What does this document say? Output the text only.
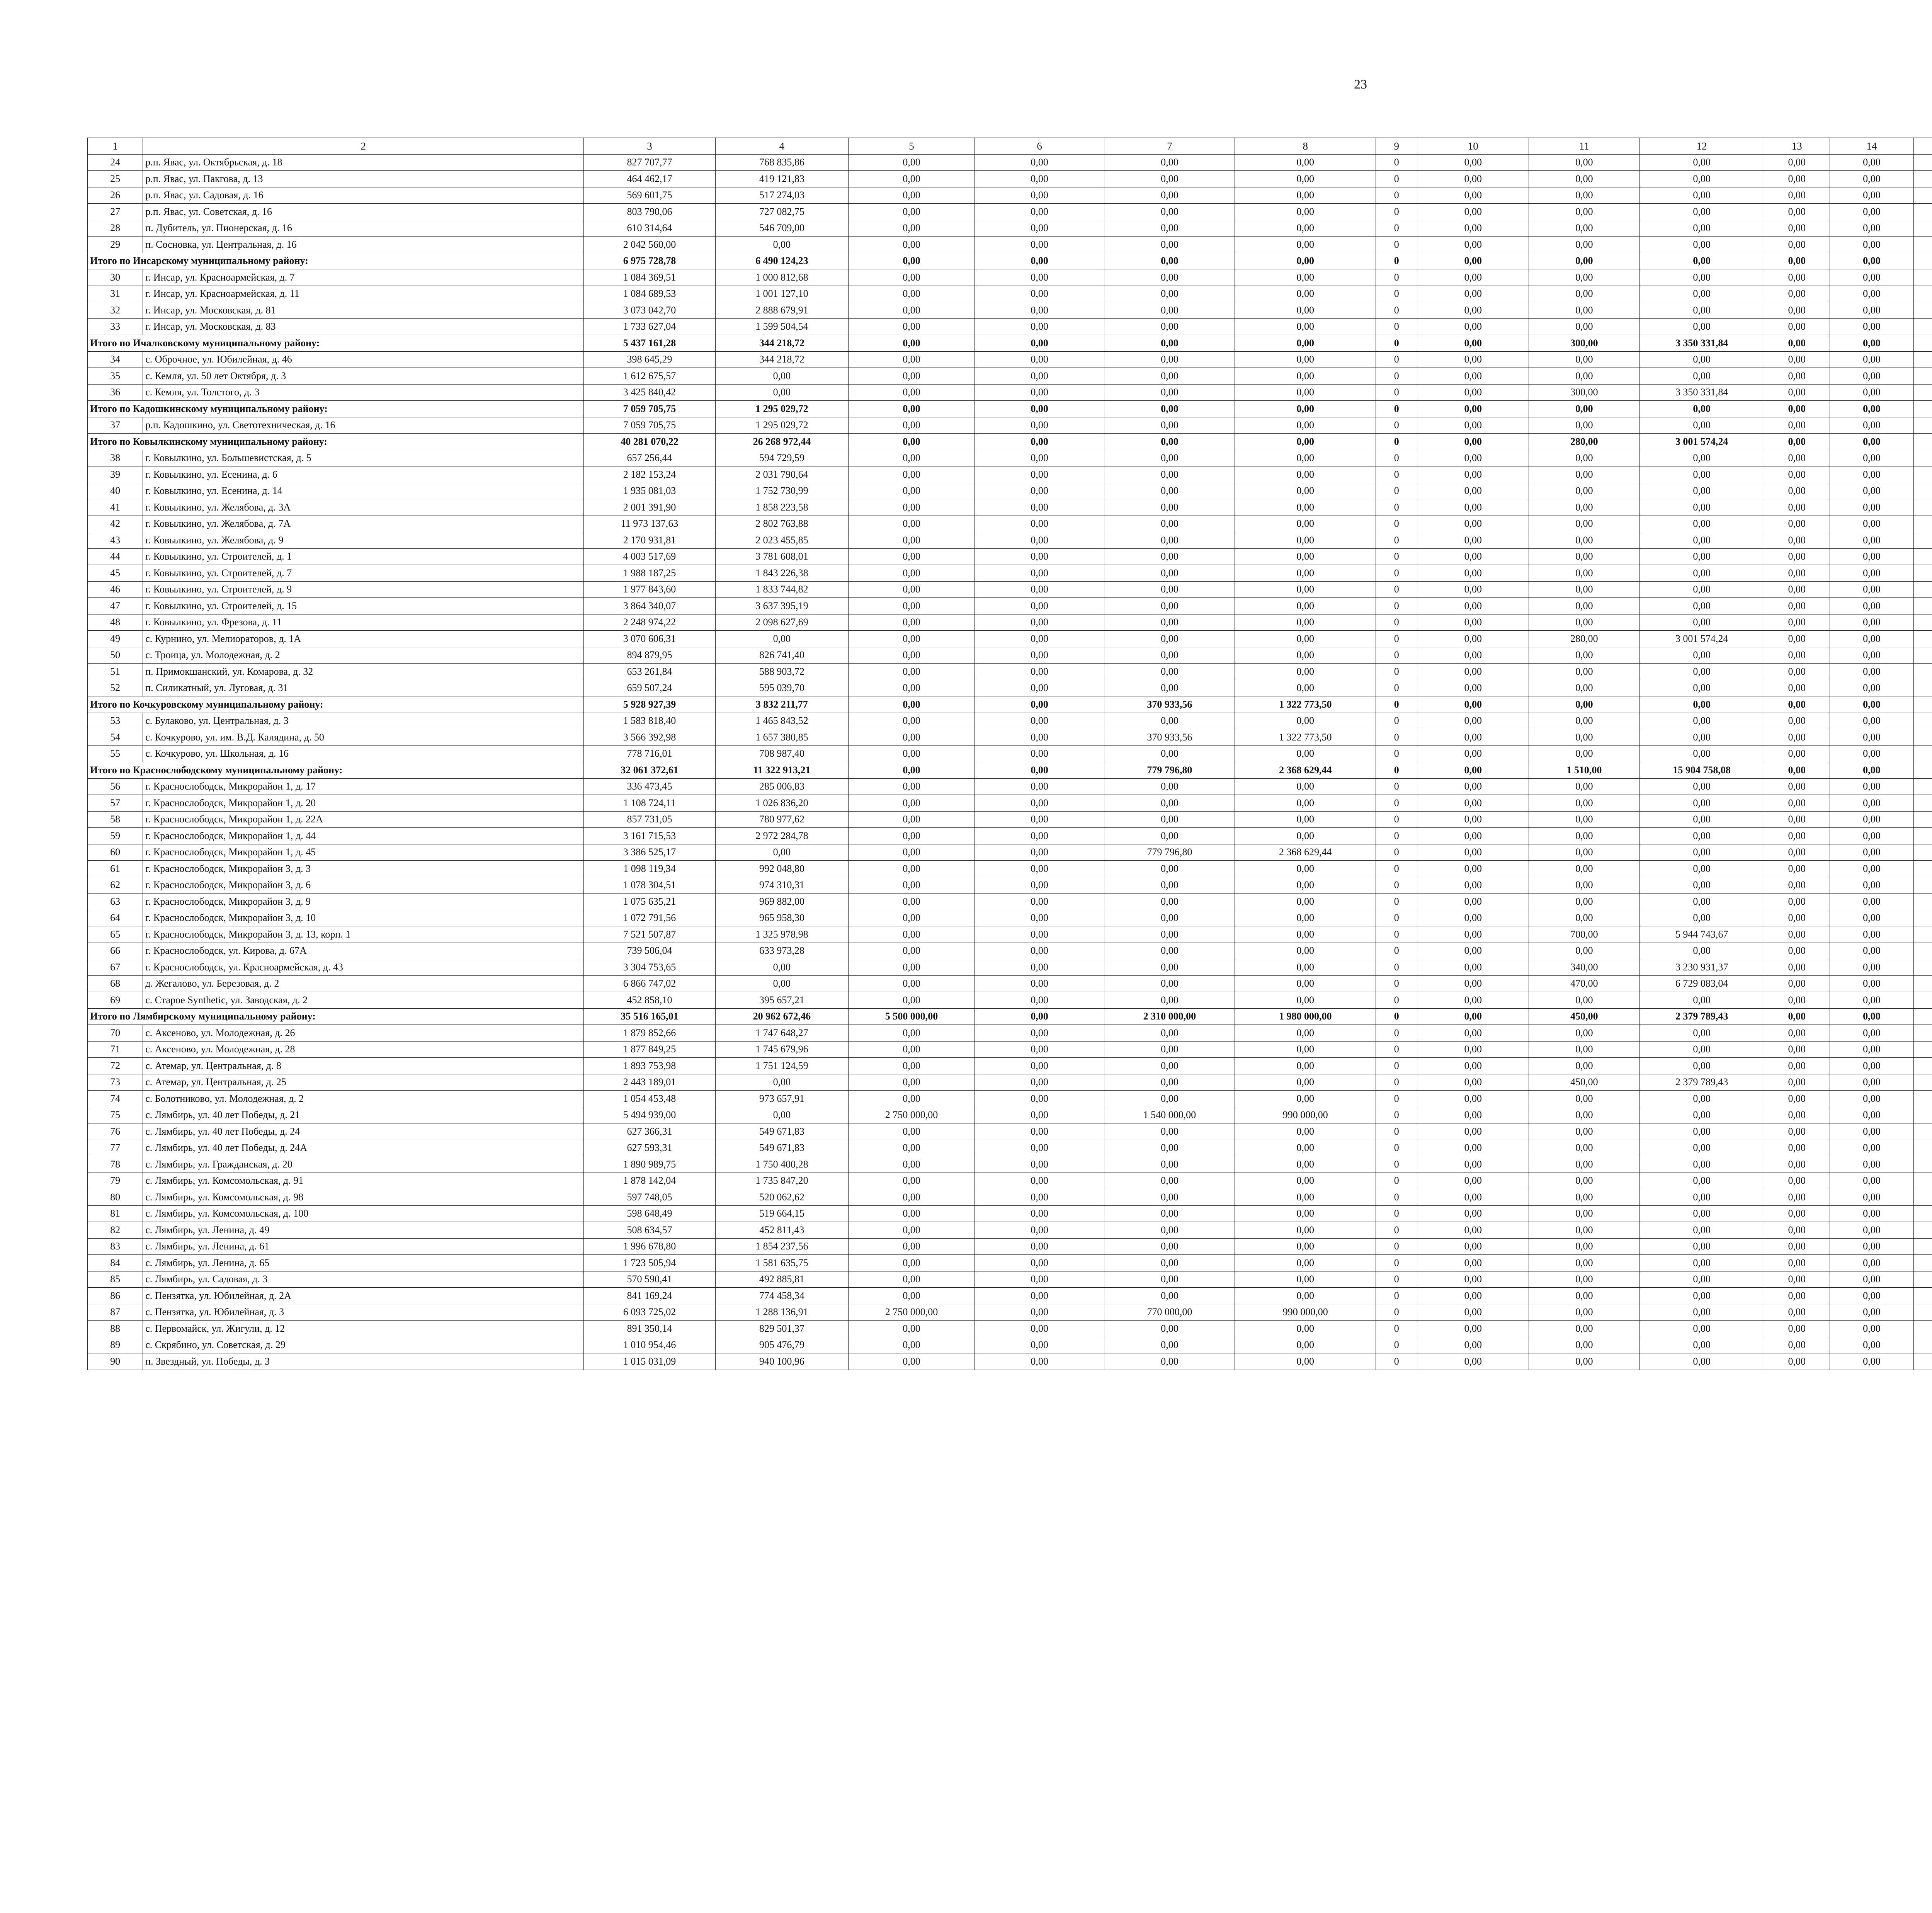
23
1	2	3	4	5	6	7	8	9	10	11	12	13	14							
24	р.п. Явас, ул. Октябрьская, д. 18	827 707,77	768 835,86	0,00	0,00	0,00	0,00	0	0,00	0,00	0,00	0,00	0,00							
25	р.п. Явас, ул. Пакгова, д. 13	464 462,17	419 121,83	0,00	0,00	0,00	0,00	0	0,00	0,00	0,00	0,00	0,00							
26	р.п. Явас, ул. Садовая, д. 16	569 601,75	517 274,03	0,00	0,00	0,00	0,00	0	0,00	0,00	0,00	0,00	0,00							
27	р.п. Явас, ул. Советская, д. 16	803 790,06	727 082,75	0,00	0,00	0,00	0,00	0	0,00	0,00	0,00	0,00	0,00							
28	п. Дубитель, ул. Пионерская, д. 16	610 314,64	546 709,00	0,00	0,00	0,00	0,00	0	0,00	0,00	0,00	0,00	0,00							
29	п. Сосновка, ул. Центральная, д. 16	2 042 560,00	0,00	0,00	0,00	0,00	0,00	0	0,00	0,00	0,00	0,00	0,00							
Итого по Инсарскому муниципальному району:		6 975 728,78	6 490 124,23	0,00	0,00	0,00	0,00	0	0,00	0,00	0,00	0,00	0,00							
30	г. Инсар, ул. Красноармейская, д. 7	1 084 369,51	1 000 812,68	0,00	0,00	0,00	0,00	0	0,00	0,00	0,00	0,00	0,00							
31	г. Инсар, ул. Красноармейская, д. 11	1 084 689,53	1 001 127,10	0,00	0,00	0,00	0,00	0	0,00	0,00	0,00	0,00	0,00							
32	г. Инсар, ул. Московская, д. 81	3 073 042,70	2 888 679,91	0,00	0,00	0,00	0,00	0	0,00	0,00	0,00	0,00	0,00							
33	г. Инсар, ул. Московская, д. 83	1 733 627,04	1 599 504,54	0,00	0,00	0,00	0,00	0	0,00	0,00	0,00	0,00	0,00							
Итого по Ичалковскому муниципальному району:		5 437 161,28	344 218,72	0,00	0,00	0,00	0,00	0	0,00	300,00	3 350 331,84	0,00	0,00							
34	с. Оброчное, ул. Юбилейная, д. 46	398 645,29	344 218,72	0,00	0,00	0,00	0,00	0	0,00	0,00	0,00	0,00	0,00							
35	с. Кемля, ул. 50 лет Октября, д. 3	1 612 675,57	0,00	0,00	0,00	0,00	0,00	0	0,00	0,00	0,00	0,00	0,00							
36	с. Кемля, ул. Толстого, д. 3	3 425 840,42	0,00	0,00	0,00	0,00	0,00	0	0,00	300,00	3 350 331,84	0,00	0,00							
Итого по Кадошкинскому муниципальному району:		7 059 705,75	1 295 029,72	0,00	0,00	0,00	0,00	0	0,00	0,00	0,00	0,00	0,00							
37	р.п. Кадошкино, ул. Светотехническая, д. 16	7 059 705,75	1 295 029,72	0,00	0,00	0,00	0,00	0	0,00	0,00	0,00	0,00	0,00							
Итого по Ковылкинскому муниципальному району:		40 281 070,22	26 268 972,44	0,00	0,00	0,00	0,00	0	0,00	280,00	3 001 574,24	0,00	0,00							
38	г. Ковылкино, ул. Большевистская, д. 5	657 256,44	594 729,59	0,00	0,00	0,00	0,00	0	0,00	0,00	0,00	0,00	0,00							
39	г. Ковылкино, ул. Есенина, д. 6	2 182 153,24	2 031 790,64	0,00	0,00	0,00	0,00	0	0,00	0,00	0,00	0,00	0,00							
40	г. Ковылкино, ул. Есенина, д. 14	1 935 081,03	1 752 730,99	0,00	0,00	0,00	0,00	0	0,00	0,00	0,00	0,00	0,00							
41	г. Ковылкино, ул. Желябова, д. 3А	2 001 391,90	1 858 223,58	0,00	0,00	0,00	0,00	0	0,00	0,00	0,00	0,00	0,00							
42	г. Ковылкино, ул. Желябова, д. 7А	11 973 137,63	2 802 763,88	0,00	0,00	0,00	0,00	0	0,00	0,00	0,00	0,00	0,00							
43	г. Ковылкино, ул. Желябова, д. 9	2 170 931,81	2 023 455,85	0,00	0,00	0,00	0,00	0	0,00	0,00	0,00	0,00	0,00							
44	г. Ковылкино, ул. Строителей, д. 1	4 003 517,69	3 781 608,01	0,00	0,00	0,00	0,00	0	0,00	0,00	0,00	0,00	0,00							
45	г. Ковылкино, ул. Строителей, д. 7	1 988 187,25	1 843 226,38	0,00	0,00	0,00	0,00	0	0,00	0,00	0,00	0,00	0,00							
46	г. Ковылкино, ул. Строителей, д. 9	1 977 843,60	1 833 744,82	0,00	0,00	0,00	0,00	0	0,00	0,00	0,00	0,00	0,00							
47	г. Ковылкино, ул. Строителей, д. 15	3 864 340,07	3 637 395,19	0,00	0,00	0,00	0,00	0	0,00	0,00	0,00	0,00	0,00							
48	г. Ковылкино, ул. Фрезова, д. 11	2 248 974,22	2 098 627,69	0,00	0,00	0,00	0,00	0	0,00	0,00	0,00	0,00	0,00							
49	с. Курнино, ул. Мелиораторов, д. 1А	3 070 606,31	0,00	0,00	0,00	0,00	0,00	0	0,00	280,00	3 001 574,24	0,00	0,00							
50	с. Троица, ул. Молодежная, д. 2	894 879,95	826 741,40	0,00	0,00	0,00	0,00	0	0,00	0,00	0,00	0,00	0,00							
51	п. Примокшанский, ул. Комарова, д. 32	653 261,84	588 903,72	0,00	0,00	0,00	0,00	0	0,00	0,00	0,00	0,00	0,00							
52	п. Силикатный, ул. Луговая, д. 31	659 507,24	595 039,70	0,00	0,00	0,00	0,00	0	0,00	0,00	0,00	0,00	0,00							
Итого по Кочкуровскому муниципальному району:		5 928 927,39	3 832 211,77	0,00	0,00	370 933,56	1 322 773,50	0	0,00	0,00	0,00	0,00	0,00							
53	с. Булаково, ул. Центральная, д. 3	1 583 818,40	1 465 843,52	0,00	0,00	0,00	0,00	0	0,00	0,00	0,00	0,00	0,00							
54	с. Кочкурово, ул. им. В.Д. Калядина, д. 50	3 566 392,98	1 657 380,85	0,00	0,00	370 933,56	1 322 773,50	0	0,00	0,00	0,00	0,00	0,00							
55	с. Кочкурово, ул. Школьная, д. 16	778 716,01	708 987,40	0,00	0,00	0,00	0,00	0	0,00	0,00	0,00	0,00	0,00							
Итого по Краснослободскому муниципальному району:		32 061 372,61	11 322 913,21	0,00	0,00	779 796,80	2 368 629,44	0	0,00	1 510,00	15 904 758,08	0,00	0,00							
56	г. Краснослободск, Микрорайон 1, д. 17	336 473,45	285 006,83	0,00	0,00	0,00	0,00	0	0,00	0,00	0,00	0,00	0,00							
57	г. Краснослободск, Микрорайон 1, д. 20	1 108 724,11	1 026 836,20	0,00	0,00	0,00	0,00	0	0,00	0,00	0,00	0,00	0,00							
58	г. Краснослободск, Микрорайон 1, д. 22А	857 731,05	780 977,62	0,00	0,00	0,00	0,00	0	0,00	0,00	0,00	0,00	0,00							
59	г. Краснослободск, Микрорайон 1, д. 44	3 161 715,53	2 972 284,78	0,00	0,00	0,00	0,00	0	0,00	0,00	0,00	0,00	0,00							
60	г. Краснослободск, Микрорайон 1, д. 45	3 386 525,17	0,00	0,00	0,00	779 796,80	2 368 629,44	0	0,00	0,00	0,00	0,00	0,00							
61	г. Краснослободск, Микрорайон 3, д. 3	1 098 119,34	992 048,80	0,00	0,00	0,00	0,00	0	0,00	0,00	0,00	0,00	0,00							
62	г. Краснослободск, Микрорайон 3, д. 6	1 078 304,51	974 310,31	0,00	0,00	0,00	0,00	0	0,00	0,00	0,00	0,00	0,00							
63	г. Краснослободск, Микрорайон 3, д. 9	1 075 635,21	969 882,00	0,00	0,00	0,00	0,00	0	0,00	0,00	0,00	0,00	0,00							
64	г. Краснослободск, Микрорайон 3, д. 10	1 072 791,56	965 958,30	0,00	0,00	0,00	0,00	0	0,00	0,00	0,00	0,00	0,00							
65	г. Краснослободск, Микрорайон 3, д. 13, корп. 1	7 521 507,87	1 325 978,98	0,00	0,00	0,00	0,00	0	0,00	700,00	5 944 743,67	0,00	0,00							
66	г. Краснослободск, ул. Кирова, д. 67А	739 506,04	633 973,28	0,00	0,00	0,00	0,00	0	0,00	0,00	0,00	0,00	0,00							
67	г. Краснослободск, ул. Красноармейская, д. 43	3 304 753,65	0,00	0,00	0,00	0,00	0,00	0	0,00	340,00	3 230 931,37	0,00	0,00							
68	д. Жегалово, ул. Березовая, д. 2	6 866 747,02	0,00	0,00	0,00	0,00	0,00	0	0,00	470,00	6 729 083,04	0,00	0,00							
69	с. Старое Synthetic, ул. Заводская, д. 2	452 858,10	395 657,21	0,00	0,00	0,00	0,00	0	0,00	0,00	0,00	0,00	0,00							
Итого по Лямбирскому муниципальному району:		35 516 165,01	20 962 672,46	5 500 000,00	0,00	2 310 000,00	1 980 000,00	0	0,00	450,00	2 379 789,43	0,00	0,00							
70	с. Аксеново, ул. Молодежная, д. 26	1 879 852,66	1 747 648,27	0,00	0,00	0,00	0,00	0	0,00	0,00	0,00	0,00	0,00							
71	с. Аксеново, ул. Молодежная, д. 28	1 877 849,25	1 745 679,96	0,00	0,00	0,00	0,00	0	0,00	0,00	0,00	0,00	0,00							
72	с. Атемар, ул. Центральная, д. 8	1 893 753,98	1 751 124,59	0,00	0,00	0,00	0,00	0	0,00	0,00	0,00	0,00	0,00							
73	с. Атемар, ул. Центральная, д. 25	2 443 189,01	0,00	0,00	0,00	0,00	0,00	0	0,00	450,00	2 379 789,43	0,00	0,00							
74	с. Болотниково, ул. Молодежная, д. 2	1 054 453,48	973 657,91	0,00	0,00	0,00	0,00	0	0,00	0,00	0,00	0,00	0,00							
75	с. Лямбирь, ул. 40 лет Победы, д. 21	5 494 939,00	0,00	2 750 000,00	0,00	1 540 000,00	990 000,00	0	0,00	0,00	0,00	0,00	0,00							
76	с. Лямбирь, ул. 40 лет Победы, д. 24	627 366,31	549 671,83	0,00	0,00	0,00	0,00	0	0,00	0,00	0,00	0,00	0,00							
77	с. Лямбирь, ул. 40 лет Победы, д. 24А	627 593,31	549 671,83	0,00	0,00	0,00	0,00	0	0,00	0,00	0,00	0,00	0,00							
78	с. Лямбирь, ул. Гражданская, д. 20	1 890 989,75	1 750 400,28	0,00	0,00	0,00	0,00	0	0,00	0,00	0,00	0,00	0,00							
79	с. Лямбирь, ул. Комсомольская, д. 91	1 878 142,04	1 735 847,20	0,00	0,00	0,00	0,00	0	0,00	0,00	0,00	0,00	0,00							
80	с. Лямбирь, ул. Комсомольская, д. 98	597 748,05	520 062,62	0,00	0,00	0,00	0,00	0	0,00	0,00	0,00	0,00	0,00							
81	с. Лямбирь, ул. Комсомольская, д. 100	598 648,49	519 664,15	0,00	0,00	0,00	0,00	0	0,00	0,00	0,00	0,00	0,00							
82	с. Лямбирь, ул. Ленина, д. 49	508 634,57	452 811,43	0,00	0,00	0,00	0,00	0	0,00	0,00	0,00	0,00	0,00							
83	с. Лямбирь, ул. Ленина, д. 61	1 996 678,80	1 854 237,56	0,00	0,00	0,00	0,00	0	0,00	0,00	0,00	0,00	0,00							
84	с. Лямбирь, ул. Ленина, д. 65	1 723 505,94	1 581 635,75	0,00	0,00	0,00	0,00	0	0,00	0,00	0,00	0,00	0,00							
85	с. Лямбирь, ул. Садовая, д. 3	570 590,41	492 885,81	0,00	0,00	0,00	0,00	0	0,00	0,00	0,00	0,00	0,00							
86	с. Пензятка, ул. Юбилейная, д. 2А	841 169,24	774 458,34	0,00	0,00	0,00	0,00	0	0,00	0,00	0,00	0,00	0,00							
87	с. Пензятка, ул. Юбилейная, д. 3	6 093 725,02	1 288 136,91	2 750 000,00	0,00	770 000,00	990 000,00	0	0,00	0,00	0,00	0,00	0,00							
88	с. Первомайск, ул. Жигули, д. 12	891 350,14	829 501,37	0,00	0,00	0,00	0,00	0	0,00	0,00	0,00	0,00	0,00							
89	с. Скрябино, ул. Советская, д. 29	1 010 954,46	905 476,79	0,00	0,00	0,00	0,00	0	0,00	0,00	0,00	0,00	0,00							
90	п. Звездный, ул. Победы, д. 3	1 015 031,09	940 100,96	0,00	0,00	0,00	0,00	0	0,00	0,00	0,00	0,00	0,00							
